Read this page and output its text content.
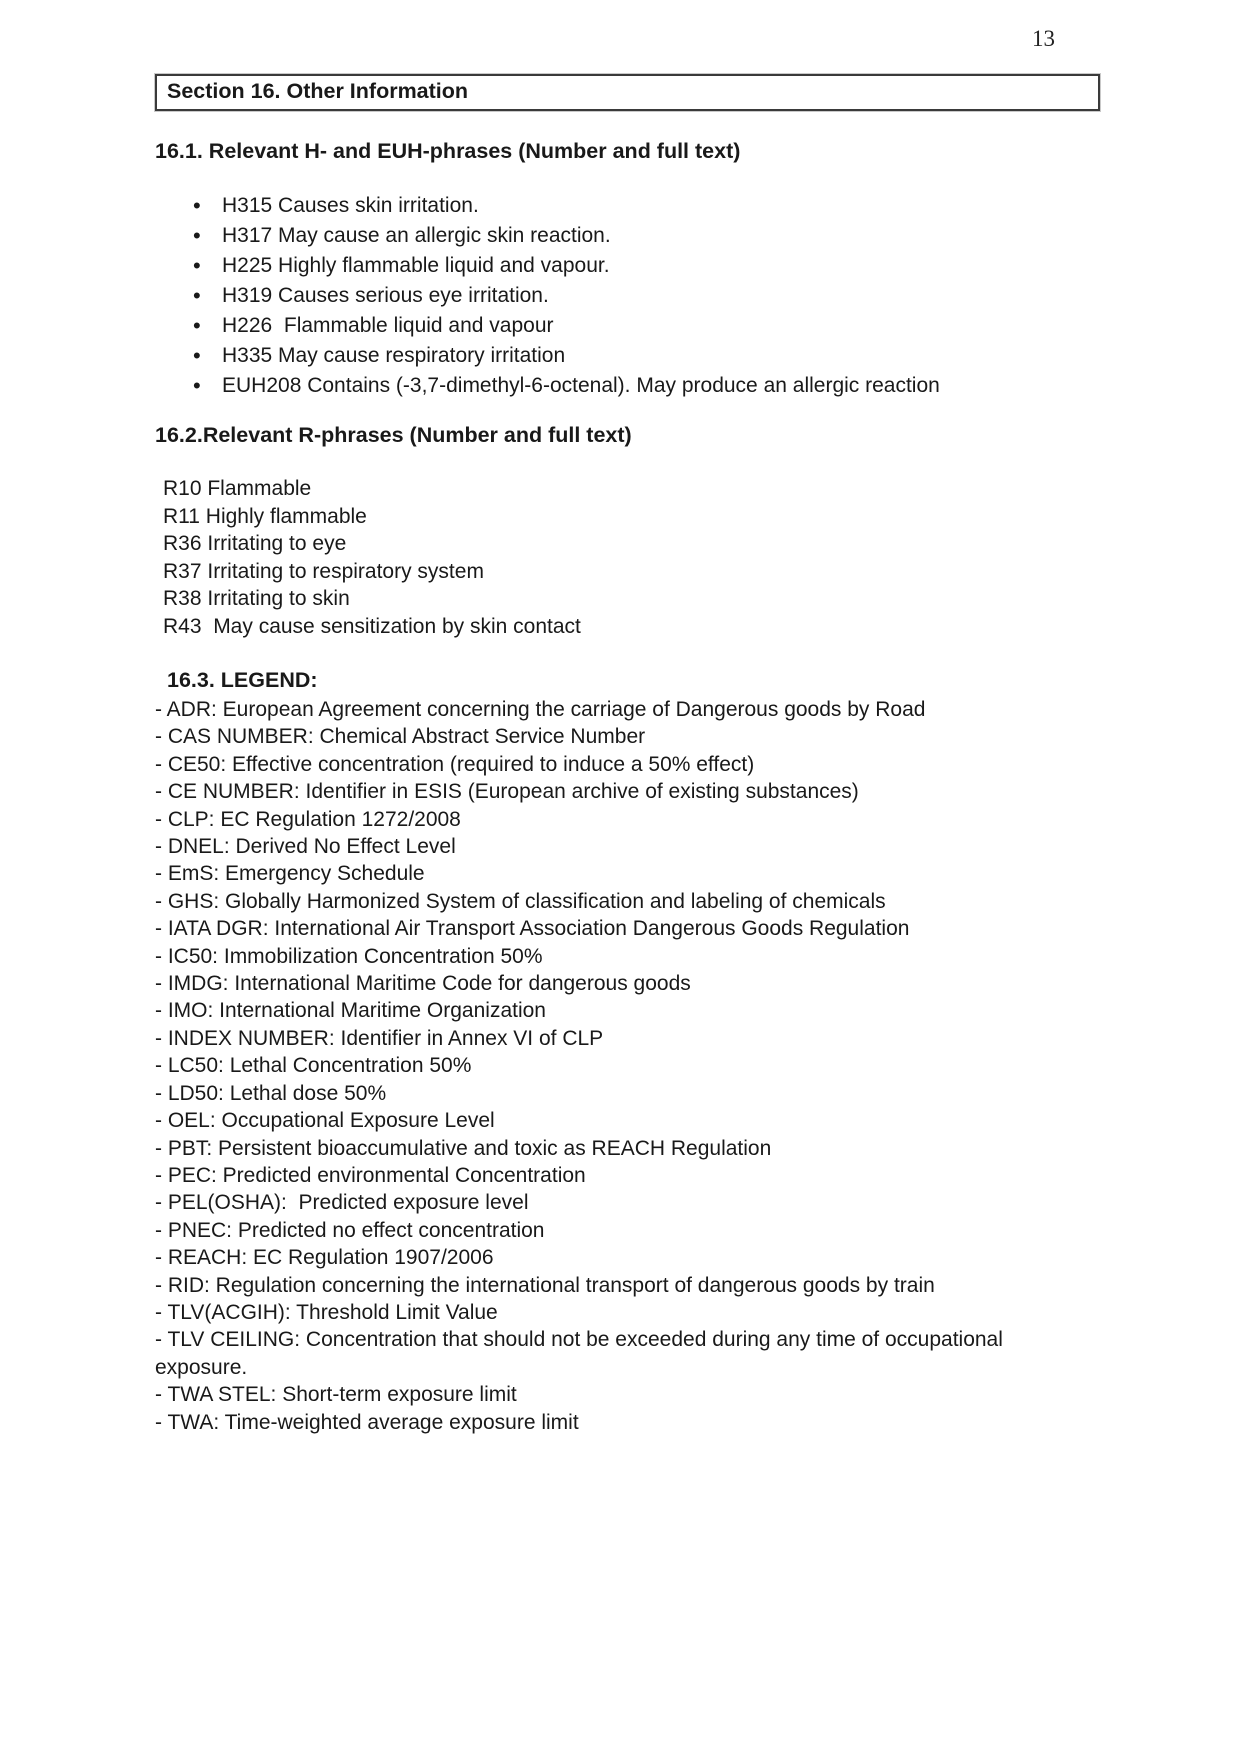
13
Section 16. Other Information
16.1. Relevant H- and EUH-phrases (Number and full text)
• H315 Causes skin irritation.
• H317 May cause an allergic skin reaction.
• H225 Highly flammable liquid and vapour.
• H319 Causes serious eye irritation.
• H226  Flammable liquid and vapour
• H335 May cause respiratory irritation
• EUH208 Contains (-3,7-dimethyl-6-octenal). May produce an allergic reaction
16.2.Relevant R-phrases (Number and full text)
R10 Flammable
R11 Highly flammable
R36 Irritating to eye
R37 Irritating to respiratory system
R38 Irritating to skin
R43  May cause sensitization by skin contact
16.3. LEGEND:
- ADR: European Agreement concerning the carriage of Dangerous goods by Road
- CAS NUMBER: Chemical Abstract Service Number
- CE50: Effective concentration (required to induce a 50% effect)
- CE NUMBER: Identifier in ESIS (European archive of existing substances)
- CLP: EC Regulation 1272/2008
- DNEL: Derived No Effect Level
- EmS: Emergency Schedule
- GHS: Globally Harmonized System of classification and labeling of chemicals
- IATA DGR: International Air Transport Association Dangerous Goods Regulation
- IC50: Immobilization Concentration 50%
- IMDG: International Maritime Code for dangerous goods
- IMO: International Maritime Organization
- INDEX NUMBER: Identifier in Annex VI of CLP
- LC50: Lethal Concentration 50%
- LD50: Lethal dose 50%
- OEL: Occupational Exposure Level
- PBT: Persistent bioaccumulative and toxic as REACH Regulation
- PEC: Predicted environmental Concentration
- PEL(OSHA):  Predicted exposure level
- PNEC: Predicted no effect concentration
- REACH: EC Regulation 1907/2006
- RID: Regulation concerning the international transport of dangerous goods by train
- TLV(ACGIH): Threshold Limit Value
- TLV CEILING: Concentration that should not be exceeded during any time of occupational exposure.
- TWA STEL: Short-term exposure limit
- TWA: Time-weighted average exposure limit
